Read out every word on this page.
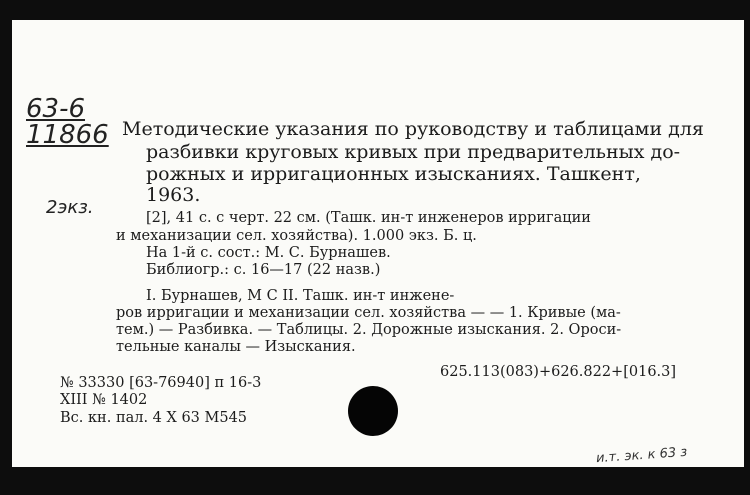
63-6
11866
2экз.
Методические указания по руководству и таблицами для
разбивки круговых кривых при предварительных до-
рожных и ирригационных изысканиях. Ташкент,
1963.
[2], 41 с. с черт. 22 см. (Ташк. ин-т инженеров ирригации
и механизации сел. хозяйства). 1.000 экз. Б. ц.
На 1-й с. сост.: М. С. Бурнашев.
Библиогр.: с. 16—17 (22 назв.)
I. Бурнашев, М С II. Ташк. ин-т инжене-
ров ирригации и механизации сел. хозяйства — — 1. Кривые (ма-
тем.) — Разбивка. — Таблицы. 2. Дорожные изыскания. 2. Ороси-
тельные каналы — Изыскания.
625.113(083)+626.822+[016.3]
№ 33330 [63-76940] п 16-3
XIII № 1402
Вс. кн. пал. 4 X 63 М545
и.т. эк. к 63 з
